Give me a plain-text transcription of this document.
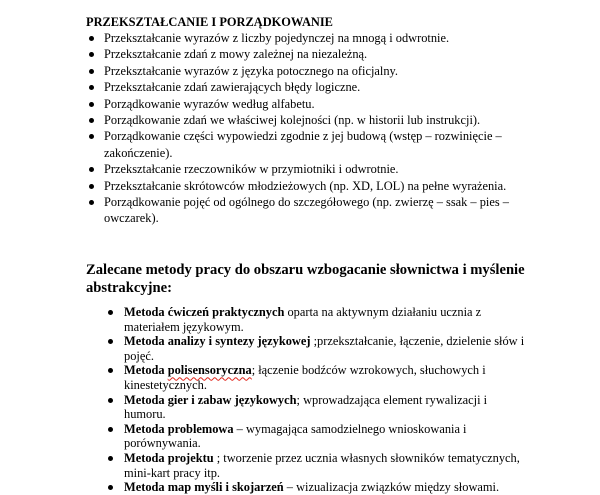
PRZEKSZTAŁCANIE I PORZĄDKOWANIE
Przekształcanie wyrazów z liczby pojedynczej na mnogą i odwrotnie.
Przekształcanie zdań z mowy zależnej na niezależną.
Przekształcanie wyrazów z języka potocznego na oficjalny.
Przekształcanie zdań zawierających błędy logiczne.
Porządkowanie wyrazów według alfabetu.
Porządkowanie zdań we właściwej kolejności (np. w historii lub instrukcji).
Porządkowanie części wypowiedzi zgodnie z jej budową (wstęp – rozwinięcie – zakończenie).
Przekształcanie rzeczowników w przymiotniki i odwrotnie.
Przekształcanie skrótowców młodzieżowych (np. XD, LOL) na pełne wyrażenia.
Porządkowanie pojęć od ogólnego do szczegółowego (np. zwierzę – ssak – pies – owczarek).
Zalecane metody pracy do obszaru wzbogacanie słownictwa i myślenie abstrakcyjne:
Metoda ćwiczeń praktycznych oparta na aktywnym działaniu ucznia z materiałem językowym.
Metoda analizy i syntezy językowej ;przekształcanie, łączenie, dzielenie słów i pojęć.
Metoda polisensoryczna; łączenie bodźców wzrokowych, słuchowych i kinestetycznych.
Metoda gier i zabaw językowych; wprowadzająca element rywalizacji i humoru.
Metoda problemowa – wymagająca samodzielnego wnioskowania i porównywania.
Metoda projektu ; tworzenie przez ucznia własnych słowników tematycznych, mini-kart pracy itp.
Metoda map myśli i skojarzeń – wizualizacja związków między słowami.
